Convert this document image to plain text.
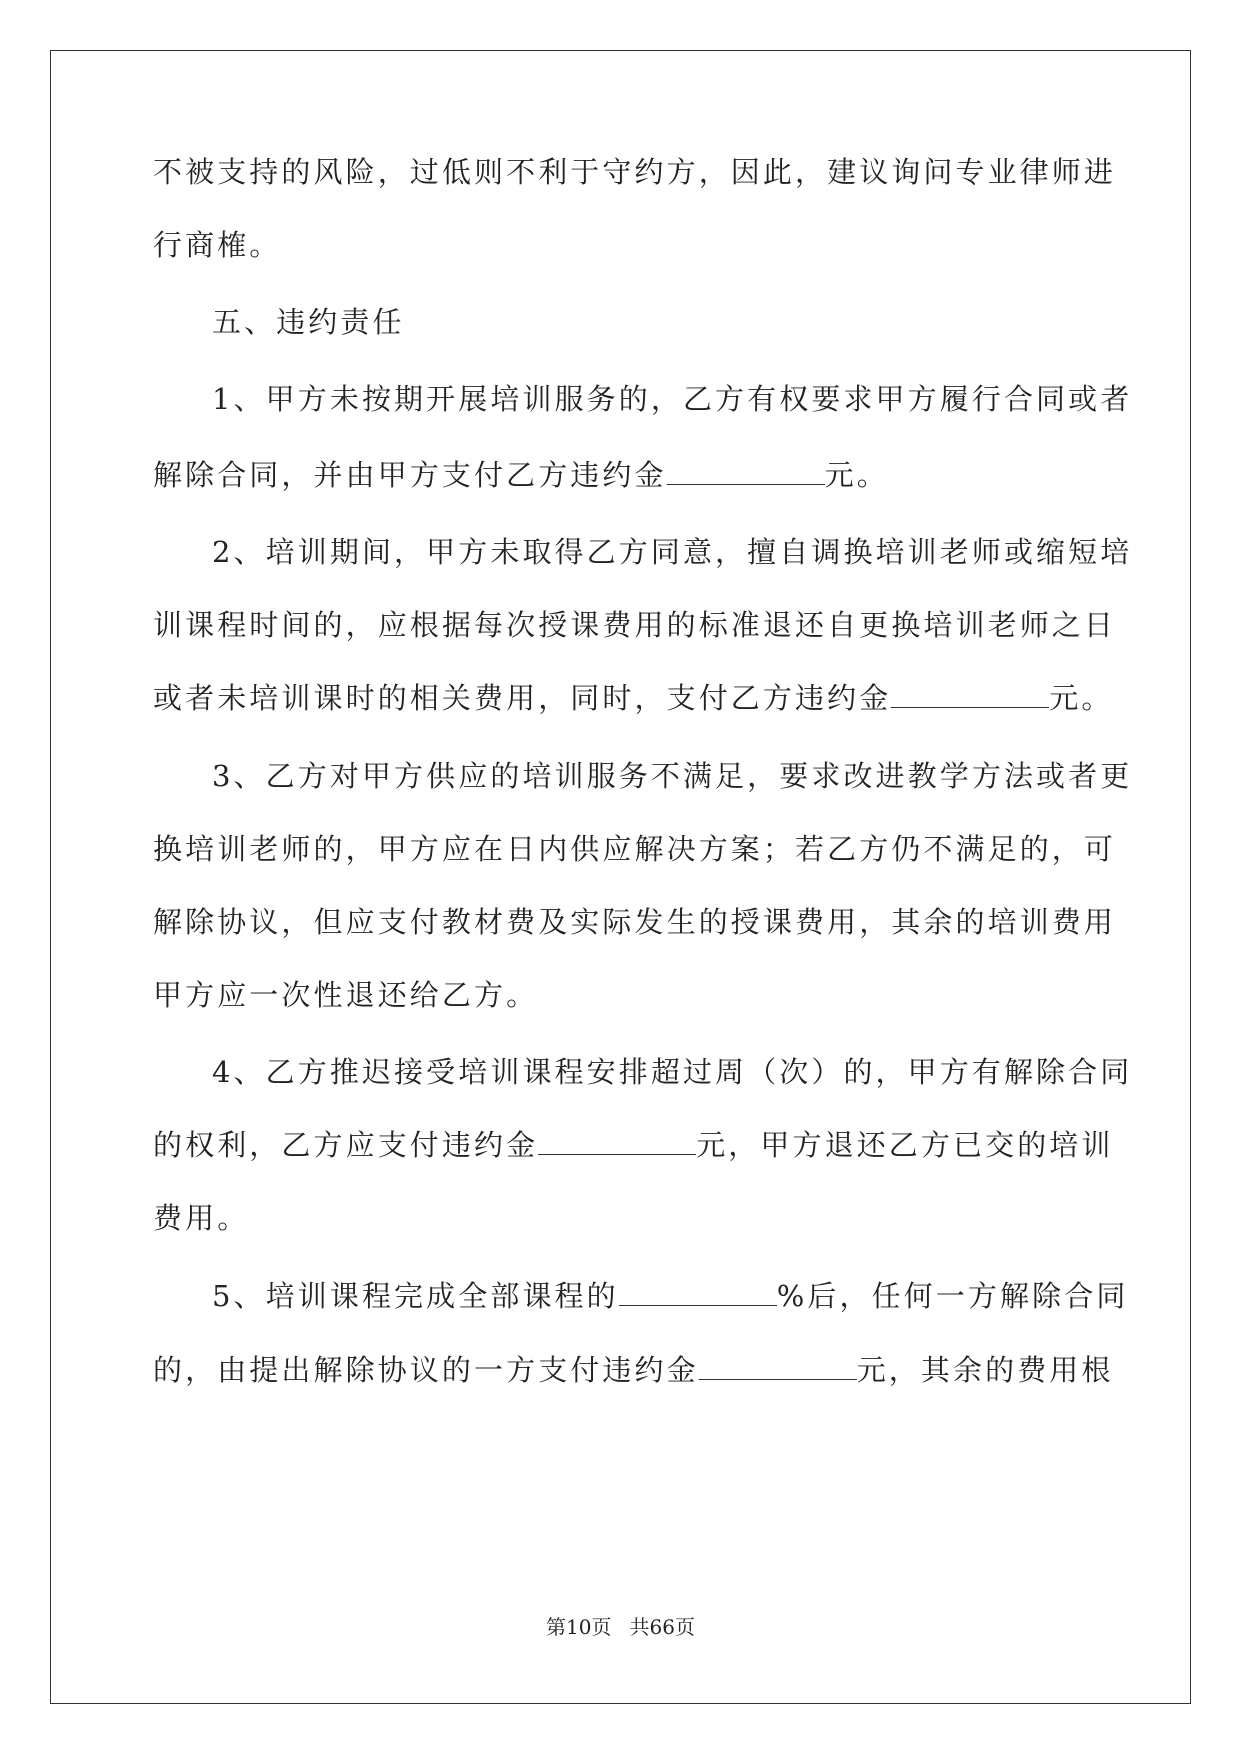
不被支持的风险，过低则不利于守约方，因此，建议询问专业律师进
行商榷。
五、违约责任
1、甲方未按期开展培训服务的，乙方有权要求甲方履行合同或者
解除合同，并由甲方支付乙方违约金	元。
2、培训期间，甲方未取得乙方同意，擅自调换培训老师或缩短培
训课程时间的，应根据每次授课费用的标准退还自更换培训老师之日
或者未培训课时的相关费用，同时，支付乙方违约金	元。
3、乙方对甲方供应的培训服务不满足，要求改进教学方法或者更
换培训老师的，甲方应在日内供应解决方案；若乙方仍不满足的，可
解除协议，但应支付教材费及实际发生的授课费用，其余的培训费用
甲方应一次性退还给乙方。
4、乙方推迟接受培训课程安排超过周（次）的，甲方有解除合同
的权利，乙方应支付违约金	元，甲方退还乙方已交的培训
费用。
5、培训课程完成全部课程的	%后，任何一方解除合同
的，由提出解除协议的一方支付违约金	元，其余的费用根
第10页 共66页
